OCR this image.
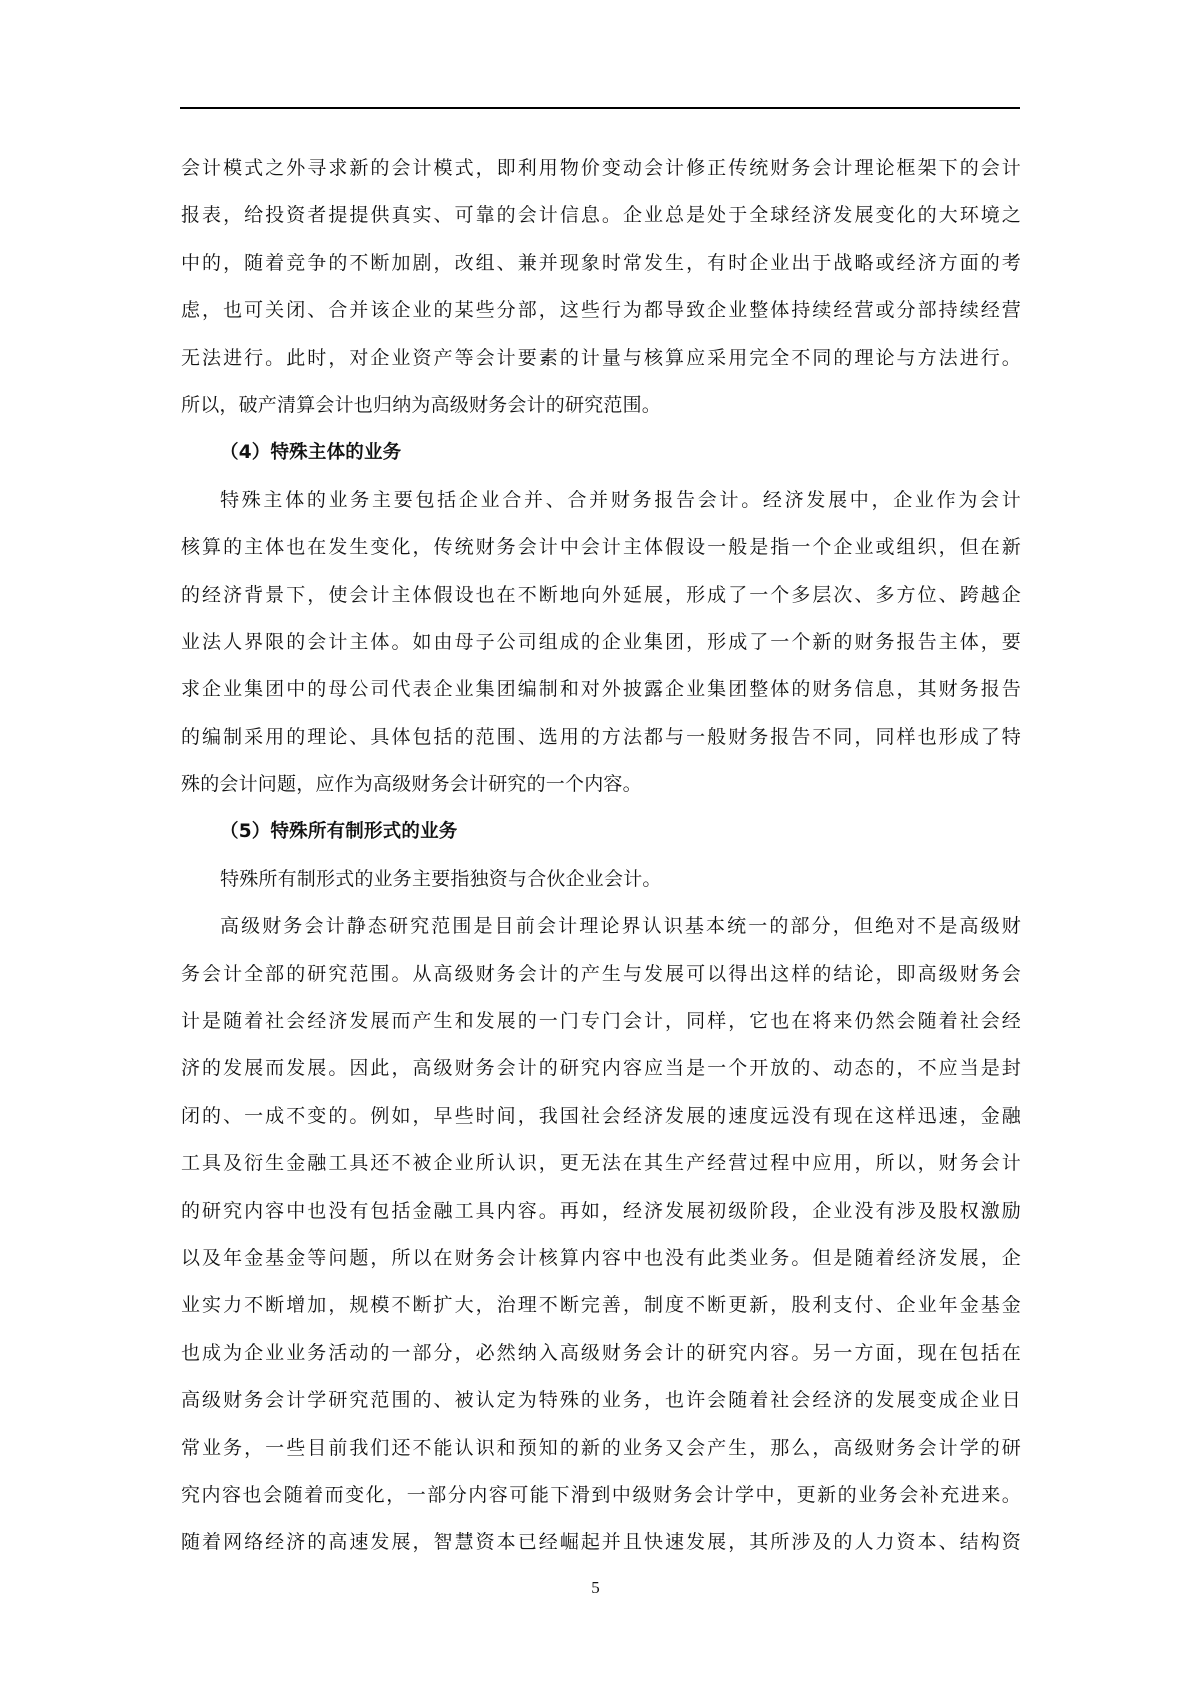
会计模式之外寻求新的会计模式，即利用物价变动会计修正传统财务会计理论框架下的会计
报表，给投资者提提供真实、可靠的会计信息。企业总是处于全球经济发展变化的大环境之
中的，随着竞争的不断加剧，改组、兼并现象时常发生，有时企业出于战略或经济方面的考
虑，也可关闭、合并该企业的某些分部，这些行为都导致企业整体持续经营或分部持续经营
无法进行。此时，对企业资产等会计要素的计量与核算应采用完全不同的理论与方法进行。
所以，破产清算会计也归纳为高级财务会计的研究范围。
（4）特殊主体的业务
特殊主体的业务主要包括企业合并、合并财务报告会计。经济发展中，企业作为会计
核算的主体也在发生变化，传统财务会计中会计主体假设一般是指一个企业或组织，但在新
的经济背景下，使会计主体假设也在不断地向外延展，形成了一个多层次、多方位、跨越企
业法人界限的会计主体。如由母子公司组成的企业集团，形成了一个新的财务报告主体，要
求企业集团中的母公司代表企业集团编制和对外披露企业集团整体的财务信息，其财务报告
的编制采用的理论、具体包括的范围、选用的方法都与一般财务报告不同，同样也形成了特
殊的会计问题，应作为高级财务会计研究的一个内容。
（5）特殊所有制形式的业务
特殊所有制形式的业务主要指独资与合伙企业会计。
高级财务会计静态研究范围是目前会计理论界认识基本统一的部分，但绝对不是高级财
务会计全部的研究范围。从高级财务会计的产生与发展可以得出这样的结论，即高级财务会
计是随着社会经济发展而产生和发展的一门专门会计，同样，它也在将来仍然会随着社会经
济的发展而发展。因此，高级财务会计的研究内容应当是一个开放的、动态的，不应当是封
闭的、一成不变的。例如，早些时间，我国社会经济发展的速度远没有现在这样迅速，金融
工具及衍生金融工具还不被企业所认识，更无法在其生产经营过程中应用，所以，财务会计
的研究内容中也没有包括金融工具内容。再如，经济发展初级阶段，企业没有涉及股权激励
以及年金基金等问题，所以在财务会计核算内容中也没有此类业务。但是随着经济发展，企
业实力不断增加，规模不断扩大，治理不断完善，制度不断更新，股利支付、企业年金基金
也成为企业业务活动的一部分，必然纳入高级财务会计的研究内容。另一方面，现在包括在
高级财务会计学研究范围的、被认定为特殊的业务，也许会随着社会经济的发展变成企业日
常业务，一些目前我们还不能认识和预知的新的业务又会产生，那么，高级财务会计学的研
究内容也会随着而变化，一部分内容可能下滑到中级财务会计学中，更新的业务会补充进来。
随着网络经济的高速发展，智慧资本已经崛起并且快速发展，其所涉及的人力资本、结构资
5
